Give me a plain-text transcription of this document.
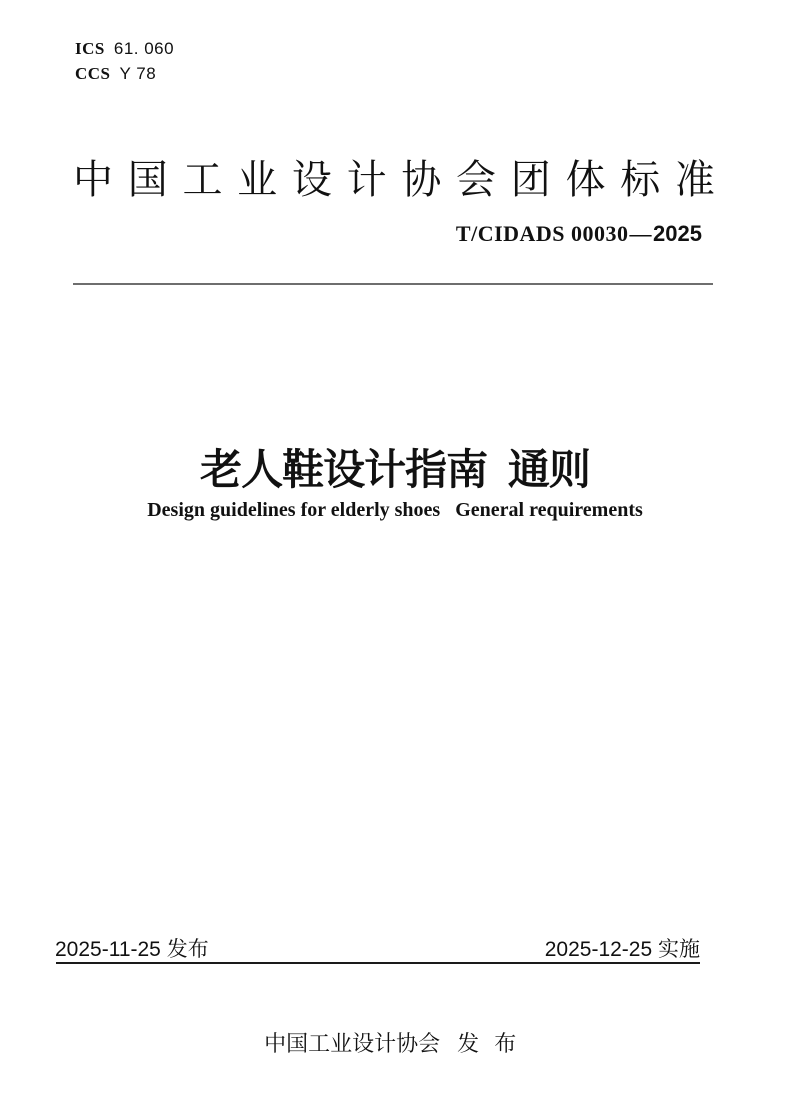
ICS 61. 060
CCS Y 78
中 国 工 业 设 计 协 会 团 体 标 准
T/CIDADS 00030—2025
老人鞋设计指南 通则
Design guidelines for elderly shoes   General requirements
2025-11-25 发布	2025-12-25 实施

中国工业设计协会 发 布
